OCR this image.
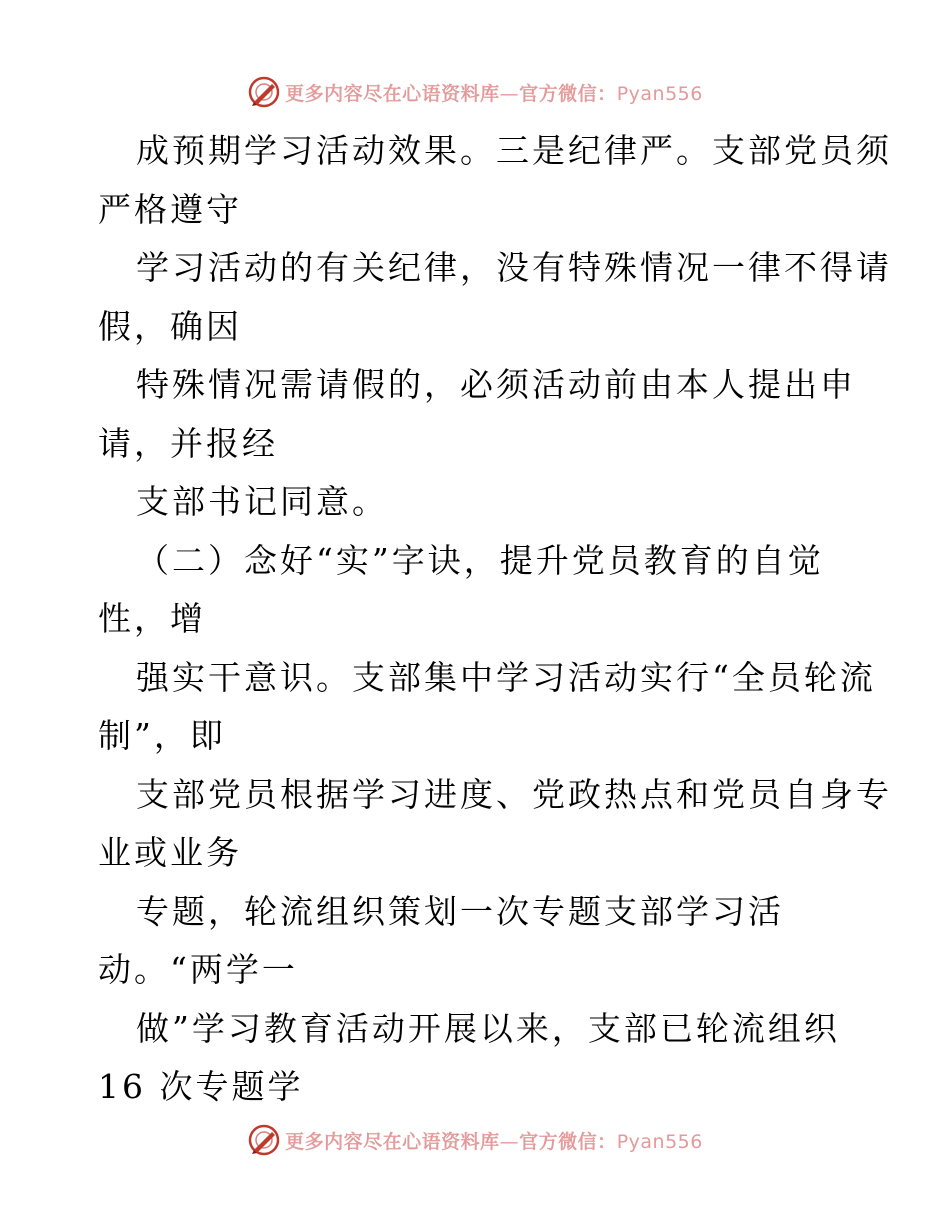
更多内容尽在心语资料库—官方微信：Pyan556
成预期学习活动效果。三是纪律严。支部党员须
严格遵守
学习活动的有关纪律，没有特殊情况一律不得请
假，确因
特殊情况需请假的，必须活动前由本人提出申
请，并报经
支部书记同意。
（二）念好“实”字诀，提升党员教育的自觉
性，增
强实干意识。支部集中学习活动实行“全员轮流
制”，即
支部党员根据学习进度、党政热点和党员自身专
业或业务
专题，轮流组织策划一次专题支部学习活
动。“两学一
做”学习教育活动开展以来，支部已轮流组织
16 次专题学
更多内容尽在心语资料库—官方微信：Pyan556
